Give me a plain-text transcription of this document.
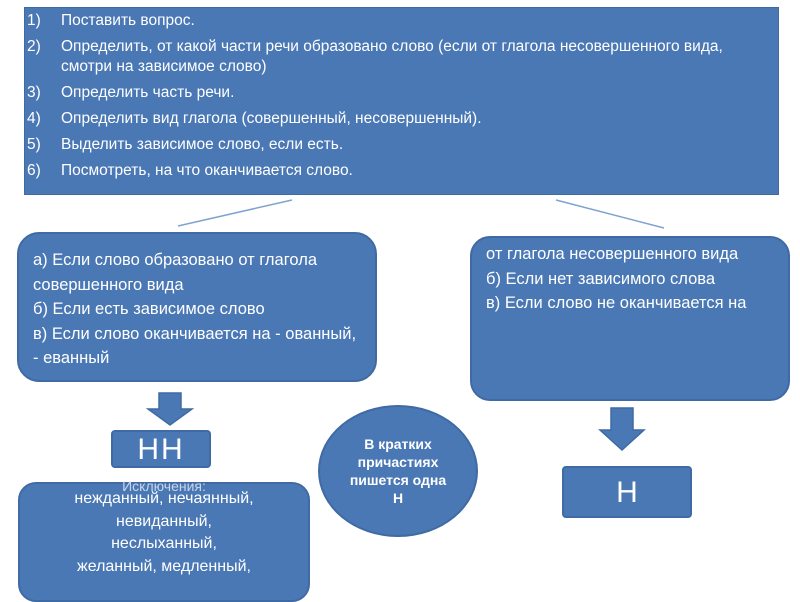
1) Поставить вопрос.
2) Определить, от какой части речи образовано слово (если от глагола несовершенного вида, смотри на зависимое слово)
3) Определить часть речи.
4) Определить вид глагола (совершенный, несовершенный).
5) Выделить зависимое слово, если есть.
6) Посмотреть, на что оканчивается слово.
а) Если слово образовано от глагола совершенного вида
б) Если есть зависимое слово
в) Если слово оканчивается на - ованный, - еванный
от глагола несовершенного вида
б) Если нет зависимого слова
в) Если слово не оканчивается на
НН
Н
Исключения:
нежданный, нечаянный,
невиданный,
неслыханный,
желанный, медленный,
В кратких причастиях пишется одна Н
